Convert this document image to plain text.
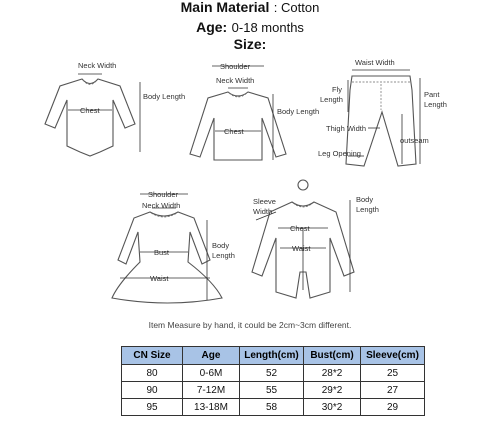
Main Material : Cotton
Age: 0-18 months
Size:
Neck Width
Chest
Body Length
Shoulder
Neck Width
Chest
Body Length
Waist Width
Fly
Length
Pant
Length
Thigh Width
outseam
Leg Opening
Shoulder
Neck Width
Bust
Waist
Body
Length
Sleeve
Width
Chest
Waist
Body
Length
Item Measure by hand, it could be 2cm~3cm different.
CN Size	Age	Length(cm)	Bust(cm)	Sleeve(cm)
80	0-6M	52	28*2	25
90	7-12M	55	29*2	27
95	13-18M	58	30*2	29
